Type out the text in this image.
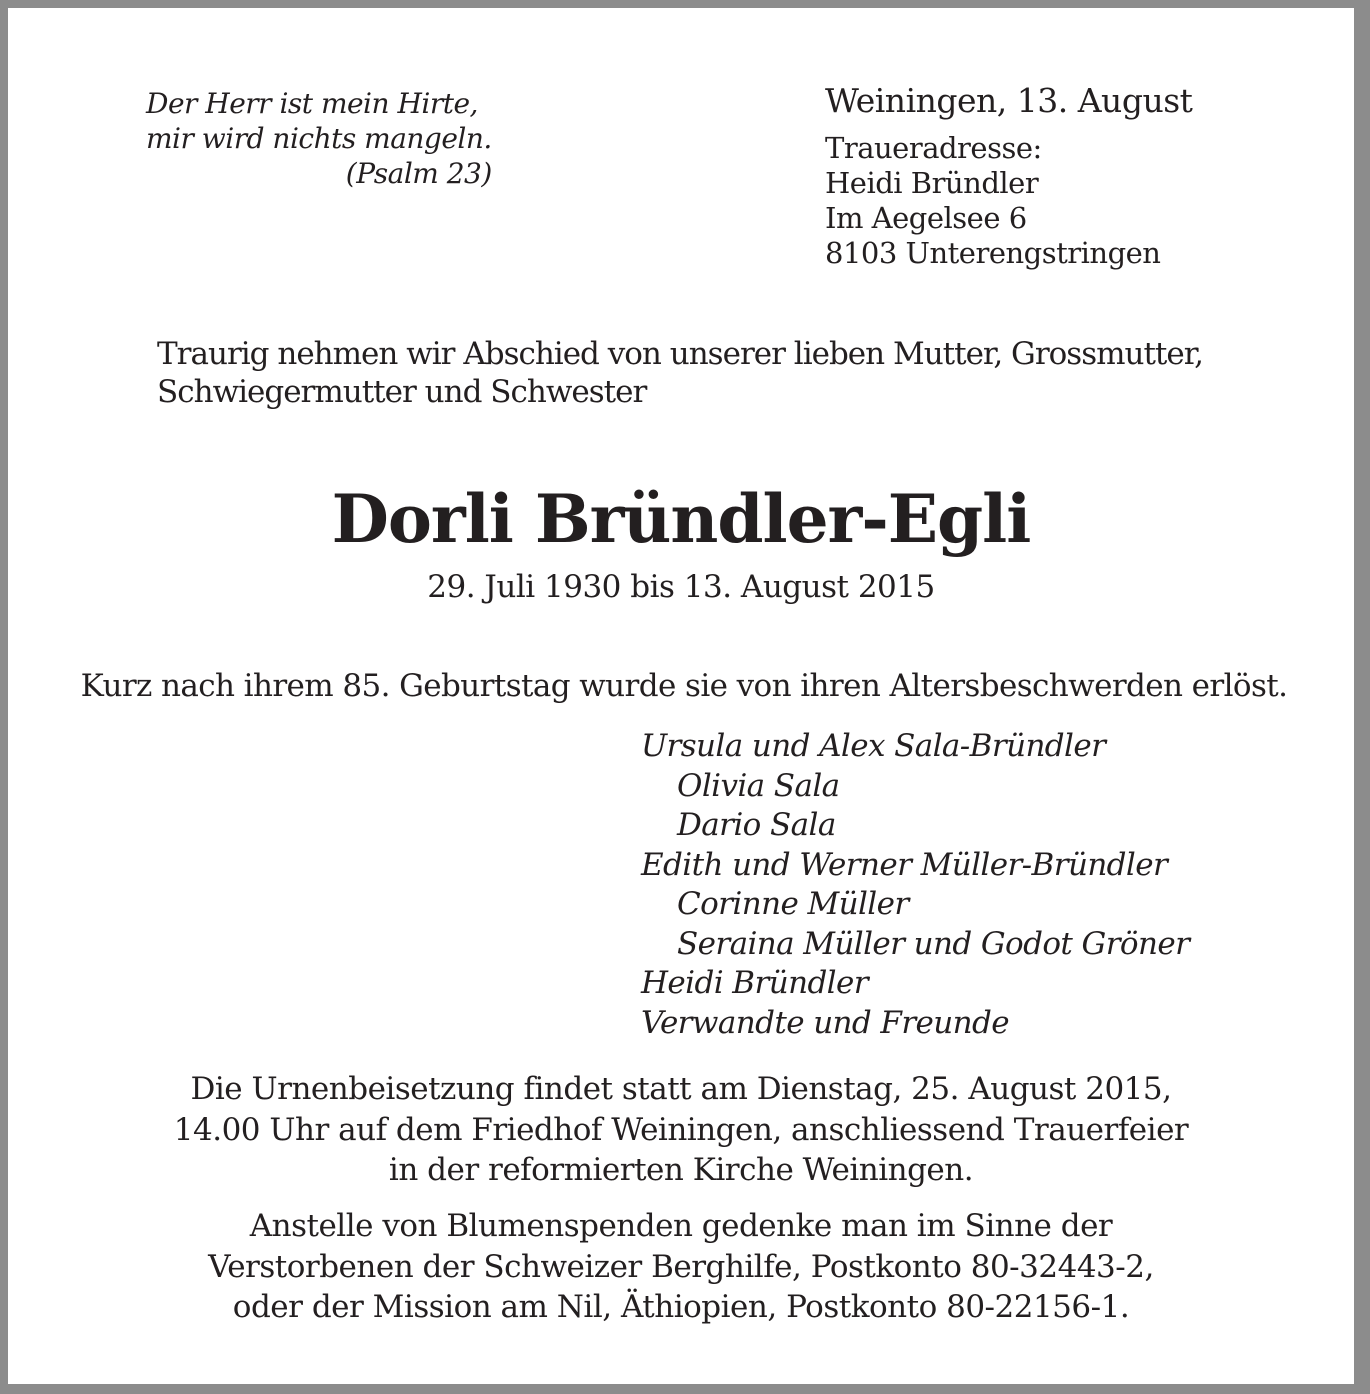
Der Herr ist mein Hirte,
mir wird nichts mangeln.
(Psalm 23)
Weiningen, 13. August
Traueradresse:
Heidi Bründler
Im Aegelsee 6
8103 Unterengstringen
Traurig nehmen wir Abschied von unserer lieben Mutter, Grossmutter,
Schwiegermutter und Schwester
Dorli Bründler-Egli
29. Juli 1930 bis 13. August 2015
Kurz nach ihrem 85. Geburtstag wurde sie von ihren Altersbeschwerden erlöst.
Ursula und Alex Sala-Bründler
Olivia Sala
Dario Sala
Edith und Werner Müller-Bründler
Corinne Müller
Seraina Müller und Godot Gröner
Heidi Bründler
Verwandte und Freunde
Die Urnenbeisetzung findet statt am Dienstag, 25. August 2015,
14.00 Uhr auf dem Friedhof Weiningen, anschliessend Trauerfeier
in der reformierten Kirche Weiningen.
Anstelle von Blumenspenden gedenke man im Sinne der
Verstorbenen der Schweizer Berghilfe, Postkonto 80-32443-2,
oder der Mission am Nil, Äthiopien, Postkonto 80-22156-1.
